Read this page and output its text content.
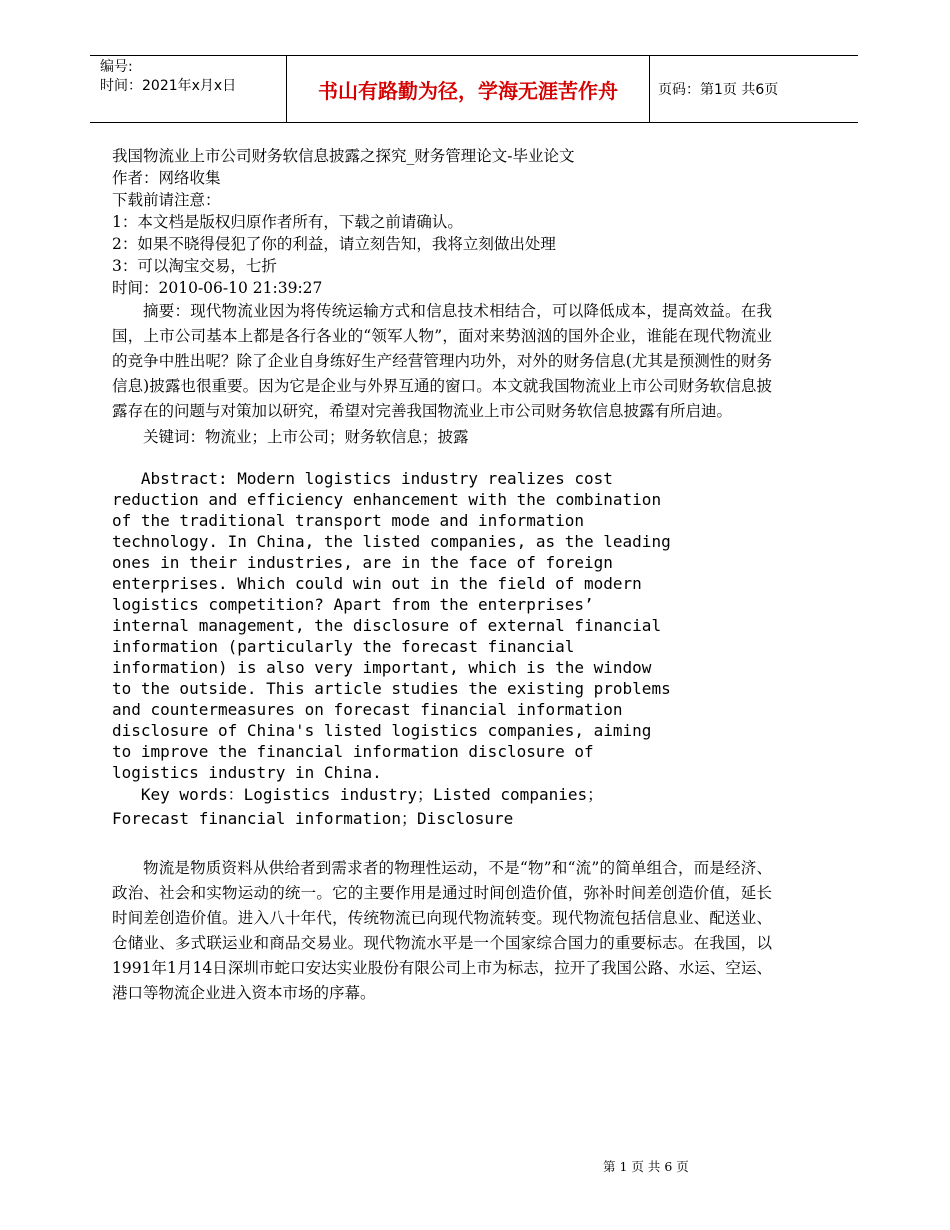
编号:
时间：2021年x月x日	书山有路勤为径，学海无涯苦作舟	页码：第1页 共6页

我国物流业上市公司财务软信息披露之探究_财务管理论文-毕业论文

作者：网络收集

下载前请注意：

1：本文档是版权归原作者所有，下载之前请确认。

2：如果不晓得侵犯了你的利益，请立刻告知，我将立刻做出处理

3：可以淘宝交易，七折

时间：2010-06-10 21:39:27

摘要：现代物流业因为将传统运输方式和信息技术相结合，可以降低成本，提高效益。在我国，上市公司基本上都是各行各业的“领军人物”，面对来势汹汹的国外企业，谁能在现代物流业的竞争中胜出呢？除了企业自身练好生产经营管理内功外，对外的财务信息(尤其是预测性的财务信息)披露也很重要。因为它是企业与外界互通的窗口。本文就我国物流业上市公司财务软信息披露存在的问题与对策加以研究，希望对完善我国物流业上市公司财务软信息披露有所启迪。

关键词：物流业；上市公司；财务软信息；披露

Abstract: Modern logistics industry realizes cost

reduction and efficiency enhancement with the combination

of the traditional transport mode and information

technology. In China, the listed companies, as the leading

ones in their industries, are in the face of foreign

enterprises. Which could win out in the field of modern

logistics competition? Apart from the enterprises’

internal management, the disclosure of external financial

information (particularly the forecast financial

information) is also very important, which is the window

to the outside. This article studies the existing problems

and countermeasures on forecast financial information

disclosure of China's listed logistics companies, aiming

to improve the financial information disclosure of

logistics industry in China.

Key words：Logistics industry；Listed companies；

Forecast financial information；Disclosure

物流是物质资料从供给者到需求者的物理性运动，不是“物”和“流”的简单组合，而是经济、政治、社会和实物运动的统一。它的主要作用是通过时间创造价值，弥补时间差创造价值，延长时间差创造价值。进入八十年代，传统物流已向现代物流转变。现代物流包括信息业、配送业、仓储业、多式联运业和商品交易业。现代物流水平是一个国家综合国力的重要标志。在我国，以1991年1月14日深圳市蛇口安达实业股份有限公司上市为标志，拉开了我国公路、水运、空运、港口等物流企业进入资本市场的序幕。

第 1 页 共 6 页
